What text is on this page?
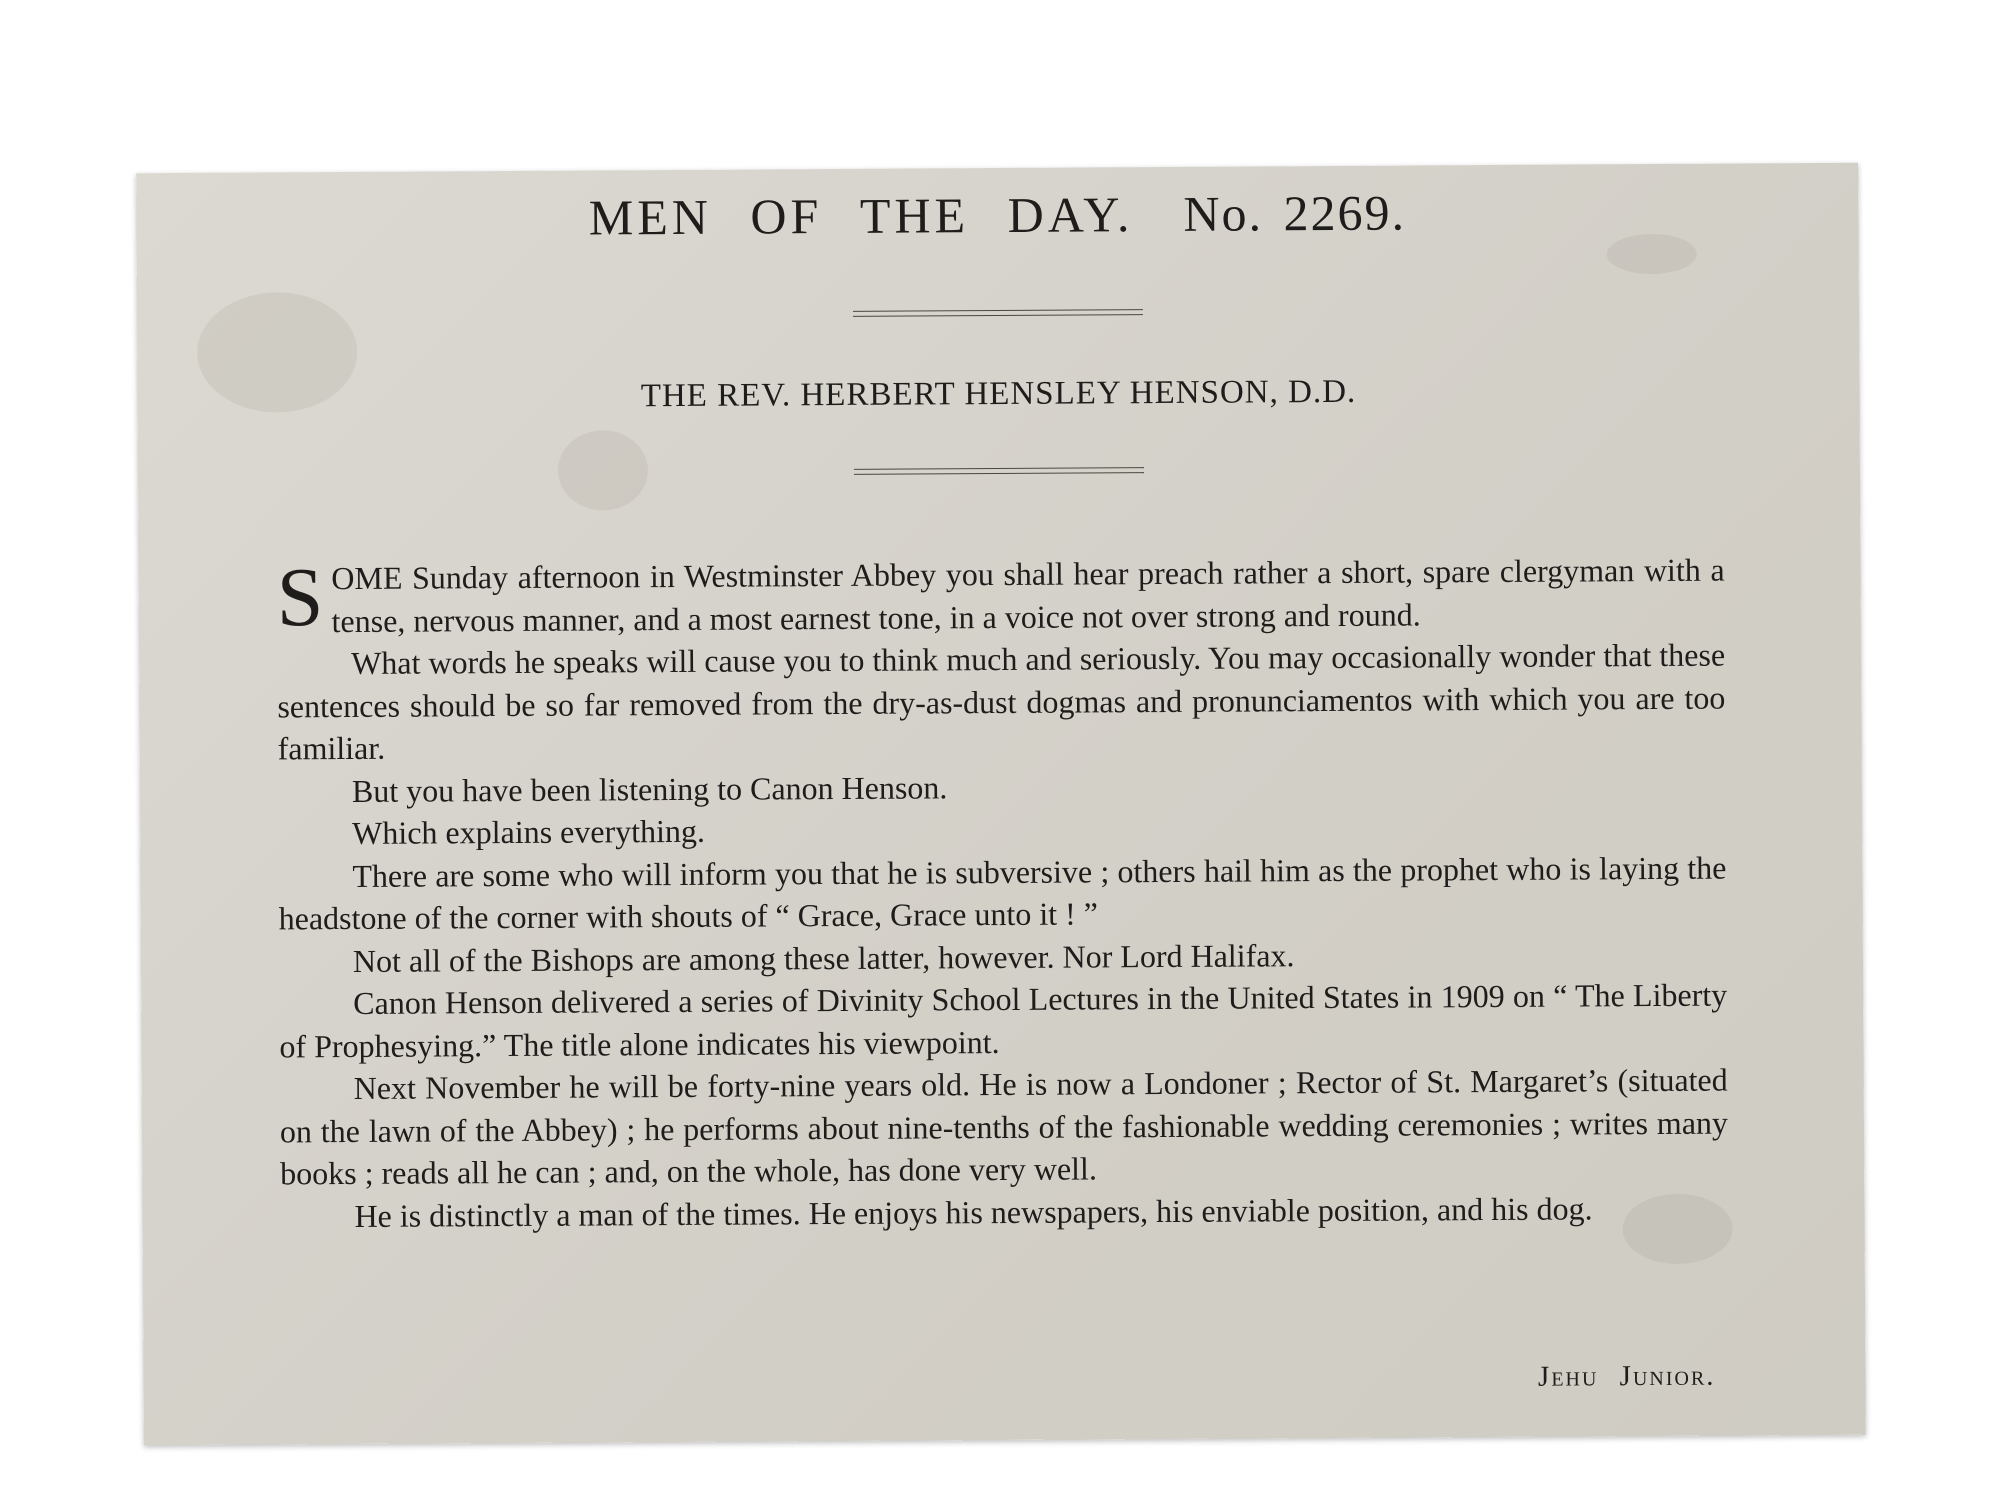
MEN OF THE DAY. No. 2269.
THE REV. HERBERT HENSLEY HENSON, D.D.

SOME Sunday afternoon in Westminster Abbey you shall hear preach rather a short, spare clergyman with a tense, nervous manner, and a most earnest tone, in a voice not over strong and round.

What words he speaks will cause you to think much and seriously. You may occasionally wonder that these sentences should be so far removed from the dry-as-dust dogmas and pronunciamentos with which you are too familiar.

But you have been listening to Canon Henson.

Which explains everything.

There are some who will inform you that he is subversive ; others hail him as the prophet who is laying the headstone of the corner with shouts of “ Grace, Grace unto it ! ”

Not all of the Bishops are among these latter, however. Nor Lord Halifax.

Canon Henson delivered a series of Divinity School Lectures in the United States in 1909 on “ The Liberty of Prophesying.” The title alone indicates his viewpoint.

Next November he will be forty-nine years old. He is now a Londoner ; Rector of St. Margaret’s (situated on the lawn of the Abbey) ; he performs about nine-tenths of the fashionable wedding ceremonies ; writes many books ; reads all he can ; and, on the whole, has done very well.

He is distinctly a man of the times. He enjoys his newspapers, his enviable position, and his dog.

Jehu Junior.
